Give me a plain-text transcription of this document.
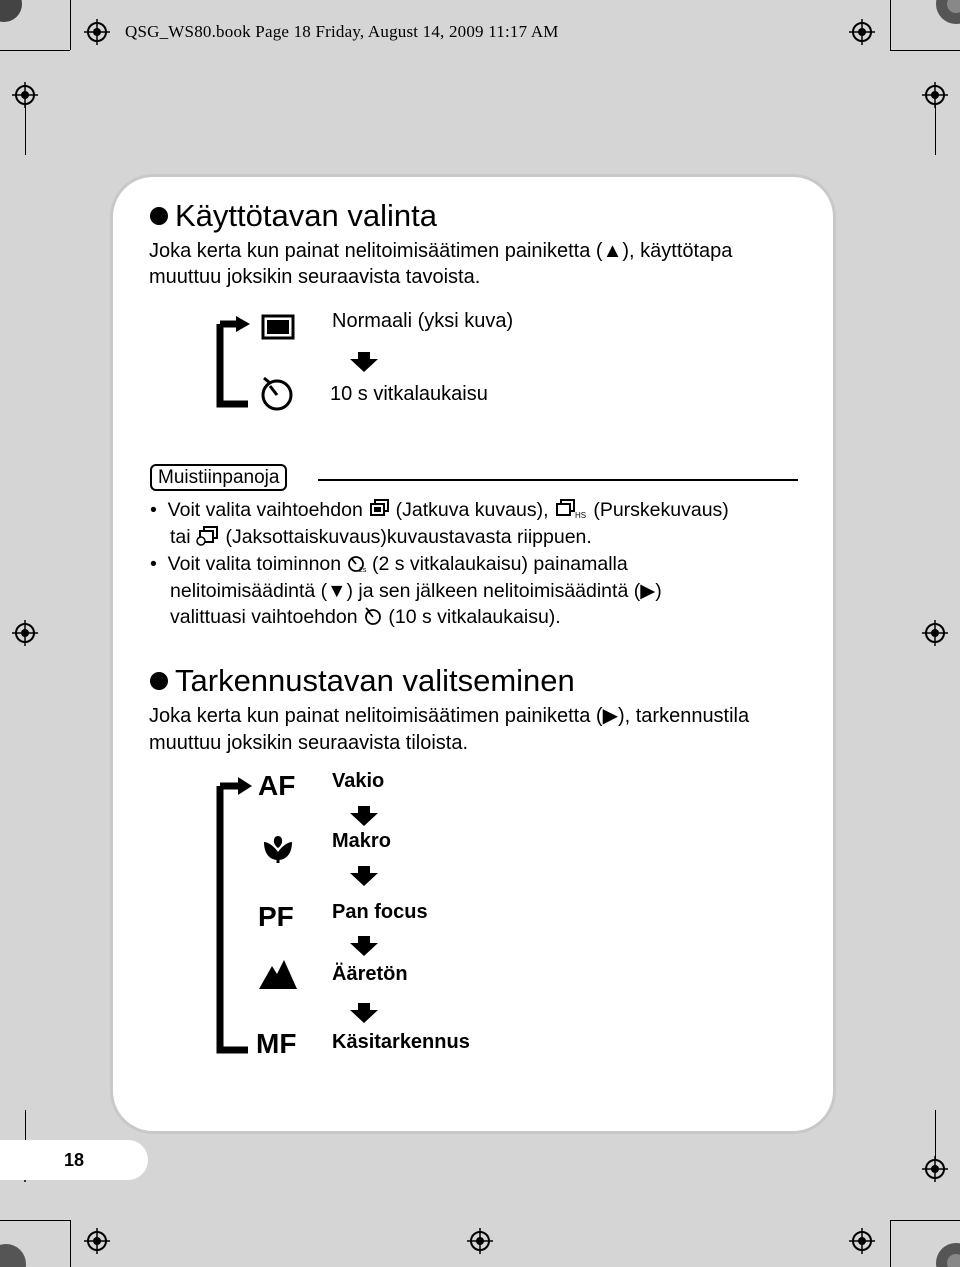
QSG_WS80.book Page 18 Friday, August 14, 2009 11:17 AM
Käyttötavan valinta
Joka kerta kun painat nelitoimisäätimen painiketta (▲), käyttötapa
muuttuu joksikin seuraavista tavoista.
Normaali (yksi kuva)
10 s vitkalaukaisu
Muistiinpanoja
•  Voit valita vaihtoehdon (Jatkuva kuvaus),	HS (Purskekuvaus)
tai (Jaksottaiskuvaus)kuvaustavasta riippuen.
•  Voit valita toiminnon 2s (2 s vitkalaukaisu) painamalla
nelitoimisäädintä (▼) ja sen jälkeen nelitoimisäädintä (▶)
valittuasi vaihtoehdon (10 s vitkalaukaisu).
Tarkennustavan valitseminen
Joka kerta kun painat nelitoimisäätimen painiketta (▶), tarkennustila
muuttuu joksikin seuraavista tiloista.
AF Vakio
Makro
PF Pan focus
Ääretön
MF Käsitarkennus
18
